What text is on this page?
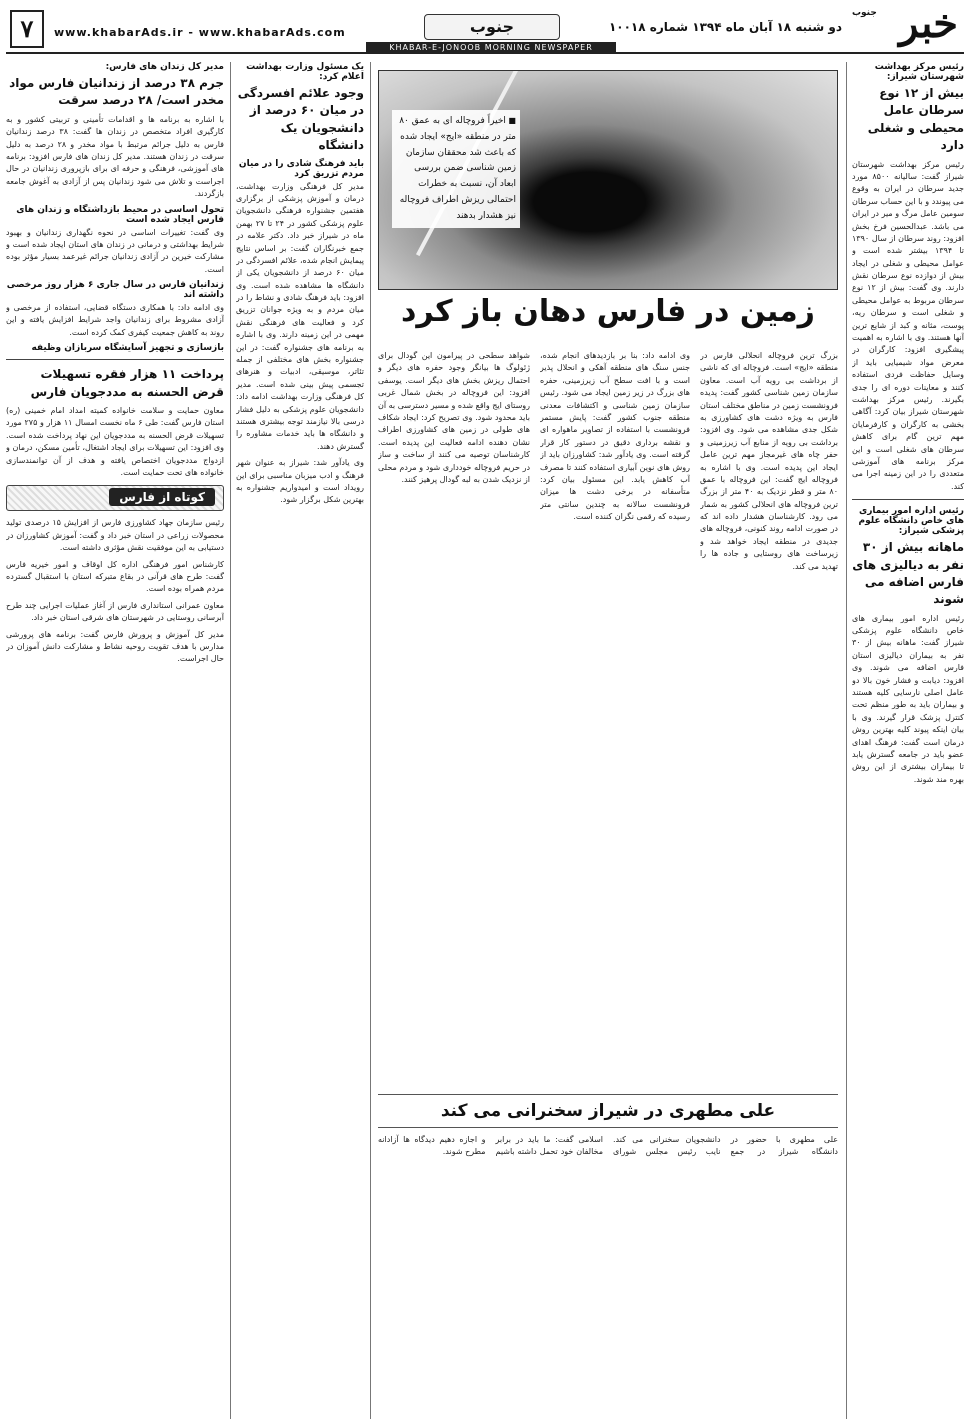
خبر
جنوب
دو شنبه ۱۸ آبان ماه ۱۳۹۴ شماره ۱۰۰۱۸
جنوب
KHABAR-E-JONOOB MORNING NEWSPAPER
www.khabarAds.ir - www.khabarAds.com
۷
رئیس مرکز بهداشت شهرستان شیراز:
بیش از ۱۲ نوع سرطان عامل محیطی و شغلی دارد
رئیس مرکز بهداشت شهرستان شیراز گفت: سالیانه ۸۵۰۰ مورد جدید سرطان در ایران به وقوع می پیوندد و با این حساب سرطان سومین عامل مرگ و میر در ایران می باشد. عبدالحسین فرخ بخش افزود: روند سرطان از سال ۱۳۹۰ تا ۱۳۹۴ بیشتر شده است و عوامل محیطی و شغلی در ایجاد بیش از دوازده نوع سرطان نقش دارند. وی گفت: بیش از ۱۲ نوع سرطان مربوط به عوامل محیطی و شغلی است و سرطان ریه، پوست، مثانه و کبد از شایع ترین آنها هستند. وی با اشاره به اهمیت پیشگیری افزود: کارگران در معرض مواد شیمیایی باید از وسایل حفاظت فردی استفاده کنند و معاینات دوره ای را جدی بگیرند. رئیس مرکز بهداشت شهرستان شیراز بیان کرد: آگاهی بخشی به کارگران و کارفرمایان مهم ترین گام برای کاهش سرطان های شغلی است و این مرکز برنامه های آموزشی متعددی را در این زمینه اجرا می کند.
رئیس اداره امور بیماری های خاص دانشگاه علوم پزشکی شیراز:
ماهانه بیش از ۳۰ نفر به دیالیزی های فارس اضافه می شوند
رئیس اداره امور بیماری های خاص دانشگاه علوم پزشکی شیراز گفت: ماهانه بیش از ۳۰ نفر به بیماران دیالیزی استان فارس اضافه می شوند. وی افزود: دیابت و فشار خون بالا دو عامل اصلی نارسایی کلیه هستند و بیماران باید به طور منظم تحت کنترل پزشک قرار گیرند. وی با بیان اینکه پیوند کلیه بهترین روش درمان است گفت: فرهنگ اهدای عضو باید در جامعه گسترش یابد تا بیماران بیشتری از این روش بهره مند شوند.
■ اخیراً فروچاله ای به عمق ۸۰ متر در منطقه «ایج» ایجاد شده که باعث شد محققان سازمان زمین شناسی ضمن بررسی ابعاد آن، نسبت به خطرات احتمالی ریزش اطراف فروچاله نیز هشدار بدهند
زمین در فارس دهان باز کرد
بزرگ ترین فروچاله انحلالی فارس در منطقه «ایج» است. فروچاله ای که ناشی از برداشت بی رویه آب است. معاون سازمان زمین شناسی کشور گفت: پدیده فرونشست زمین در مناطق مختلف استان فارس به ویژه دشت های کشاورزی به شکل جدی مشاهده می شود. وی افزود: برداشت بی رویه از منابع آب زیرزمینی و حفر چاه های غیرمجاز مهم ترین عامل ایجاد این پدیده است. وی با اشاره به فروچاله ایج گفت: این فروچاله با عمق ۸۰ متر و قطر نزدیک به ۴۰ متر از بزرگ ترین فروچاله های انحلالی کشور به شمار می رود. کارشناسان هشدار داده اند که در صورت ادامه روند کنونی، فروچاله های جدیدی در منطقه ایجاد خواهد شد و زیرساخت های روستایی و جاده ها را تهدید می کند.
وی ادامه داد: بنا بر بازدیدهای انجام شده، جنس سنگ های منطقه آهکی و انحلال پذیر است و با افت سطح آب زیرزمینی، حفره های بزرگ در زیر زمین ایجاد می شود. رئیس سازمان زمین شناسی و اکتشافات معدنی منطقه جنوب کشور گفت: پایش مستمر فرونشست با استفاده از تصاویر ماهواره ای و نقشه برداری دقیق در دستور کار قرار گرفته است. وی یادآور شد: کشاورزان باید از روش های نوین آبیاری استفاده کنند تا مصرف آب کاهش یابد. این مسئول بیان کرد: متأسفانه در برخی دشت ها میزان فرونشست سالانه به چندین سانتی متر رسیده که رقمی نگران کننده است.
شواهد سطحی در پیرامون این گودال برای ژئولوگ ها بیانگر وجود حفره های دیگر و احتمال ریزش بخش های دیگر است. یوسفی افزود: این فروچاله در بخش شمال غربی روستای ایج واقع شده و مسیر دسترسی به آن باید محدود شود. وی تصریح کرد: ایجاد شکاف های طولی در زمین های کشاورزی اطراف نشان دهنده ادامه فعالیت این پدیده است. کارشناسان توصیه می کنند از ساخت و ساز در حریم فروچاله خودداری شود و مردم محلی از نزدیک شدن به لبه گودال پرهیز کنند.
علی مطهری در شیراز سخنرانی می کند
علی مطهری با حضور در دانشگاه شیراز در جمع دانشجویان سخنرانی می کند. نایب رئیس مجلس شورای اسلامی گفت: ما باید در برابر مخالفان خود تحمل داشته باشیم و اجازه دهیم دیدگاه ها آزادانه مطرح شوند.
یک مسئول وزارت بهداشت اعلام کرد:
وجود علائم افسردگی در میان ۶۰ درصد از دانشجویان یک دانشگاه
باید فرهنگ شادی را در میان مردم تزریق کرد
مدیر کل فرهنگی وزارت بهداشت، درمان و آموزش پزشکی از برگزاری هفتمین جشنواره فرهنگی دانشجویان علوم پزشکی کشور در ۲۴ تا ۲۷ بهمن ماه در شیراز خبر داد. دکتر علامه در جمع خبرنگاران گفت: بر اساس نتایج پیمایش انجام شده، علائم افسردگی در میان ۶۰ درصد از دانشجویان یکی از دانشگاه ها مشاهده شده است. وی افزود: باید فرهنگ شادی و نشاط را در میان مردم و به ویژه جوانان تزریق کرد و فعالیت های فرهنگی نقش مهمی در این زمینه دارند. وی با اشاره به برنامه های جشنواره گفت: در این جشنواره بخش های مختلفی از جمله تئاتر، موسیقی، ادبیات و هنرهای تجسمی پیش بینی شده است. مدیر کل فرهنگی وزارت بهداشت ادامه داد: دانشجویان علوم پزشکی به دلیل فشار درسی بالا نیازمند توجه بیشتری هستند و دانشگاه ها باید خدمات مشاوره را گسترش دهند.
وی یادآور شد: شیراز به عنوان شهر فرهنگ و ادب میزبان مناسبی برای این رویداد است و امیدواریم جشنواره به بهترین شکل برگزار شود.
مدیر کل زندان های فارس:
جرم ۳۸ درصد از زندانیان فارس مواد مخدر است/ ۲۸ درصد سرقت
با اشاره به برنامه ها و اقدامات تأمینی و تربیتی کشور و به کارگیری افراد متخصص در زندان ها گفت: ۳۸ درصد زندانیان فارس به دلیل جرائم مرتبط با مواد مخدر و ۲۸ درصد به دلیل سرقت در زندان هستند. مدیر کل زندان های فارس افزود: برنامه های آموزشی، فرهنگی و حرفه ای برای بازپروری زندانیان در حال اجراست و تلاش می شود زندانیان پس از آزادی به آغوش جامعه بازگردند.
تحول اساسی در محیط بازداشتگاه و زندان های فارس ایجاد شده است
وی گفت: تغییرات اساسی در نحوه نگهداری زندانیان و بهبود شرایط بهداشتی و درمانی در زندان های استان ایجاد شده است و مشارکت خیرین در آزادی زندانیان جرائم غیرعمد بسیار مؤثر بوده است.
زندانیان فارس در سال جاری ۶ هزار روز مرخصی داشته اند
وی ادامه داد: با همکاری دستگاه قضایی، استفاده از مرخصی و آزادی مشروط برای زندانیان واجد شرایط افزایش یافته و این روند به کاهش جمعیت کیفری کمک کرده است.
بازسازی و تجهیز آسایشگاه سربازان وظیفه
پرداخت ۱۱ هزار فقره تسهیلات قرض الحسنه به مددجویان فارس
معاون حمایت و سلامت خانواده کمیته امداد امام خمینی (ره) استان فارس گفت: طی ۶ ماه نخست امسال ۱۱ هزار و ۲۷۵ مورد تسهیلات قرض الحسنه به مددجویان این نهاد پرداخت شده است. وی افزود: این تسهیلات برای ایجاد اشتغال، تأمین مسکن، درمان و ازدواج مددجویان اختصاص یافته و هدف از آن توانمندسازی خانواده های تحت حمایت است.
کوتاه از فارس
رئیس سازمان جهاد کشاورزی فارس از افزایش ۱۵ درصدی تولید محصولات زراعی در استان خبر داد و گفت: آموزش کشاورزان در دستیابی به این موفقیت نقش مؤثری داشته است.
کارشناس امور فرهنگی اداره کل اوقاف و امور خیریه فارس گفت: طرح های قرآنی در بقاع متبرکه استان با استقبال گسترده مردم همراه بوده است.
معاون عمرانی استانداری فارس از آغاز عملیات اجرایی چند طرح آبرسانی روستایی در شهرستان های شرقی استان خبر داد.
مدیر کل آموزش و پرورش فارس گفت: برنامه های پرورشی مدارس با هدف تقویت روحیه نشاط و مشارکت دانش آموزان در حال اجراست.
